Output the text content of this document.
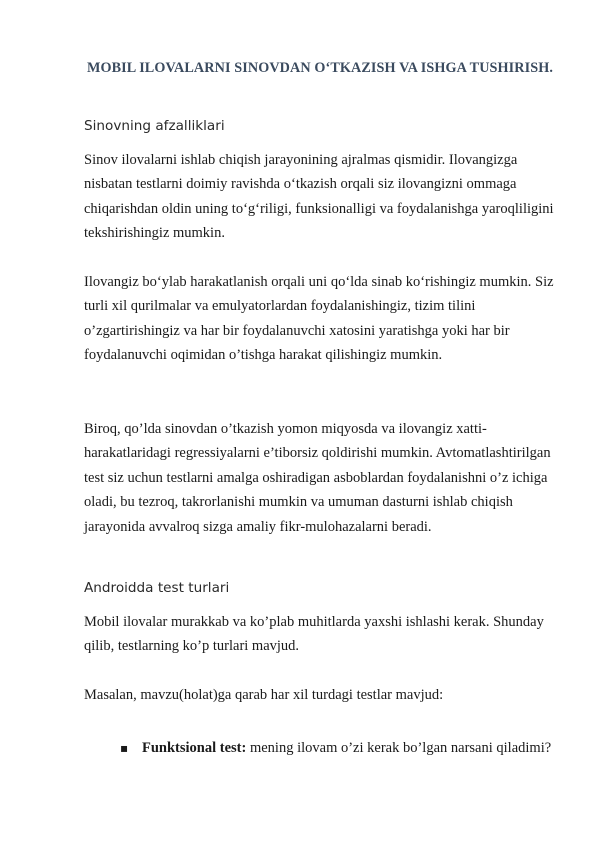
MOBIL ILOVALARNI SINOVDAN O‘TKAZISH VA ISHGA TUSHIRISH.
Sinovning afzalliklari

Sinov ilovalarni ishlab chiqish jarayonining ajralmas qismidir. Ilovangizga nisbatan testlarni doimiy ravishda o‘tkazish orqali siz ilovangizni ommaga chiqarishdan oldin uning to‘g‘riligi, funksionalligi va foydalanishga yaroqliligini tekshirishingiz mumkin.

Ilovangiz bo‘ylab harakatlanish orqali uni qo‘lda sinab ko‘rishingiz mumkin. Siz turli xil qurilmalar va emulyatorlardan foydalanishingiz, tizim tilini o’zgartirishingiz va har bir foydalanuvchi xatosini yaratishga yoki har bir foydalanuvchi oqimidan o’tishga harakat qilishingiz mumkin.

Biroq, qo’lda sinovdan o’tkazish yomon miqyosda va ilovangiz xatti-harakatlaridagi regressiyalarni e’tiborsiz qoldirishi mumkin. Avtomatlashtirilgan test siz uchun testlarni amalga oshiradigan asboblardan foydalanishni o’z ichiga oladi, bu tezroq, takrorlanishi mumkin va umuman dasturni ishlab chiqish jarayonida avvalroq sizga amaliy fikr-mulohazalarni beradi.

Androidda test turlari

Mobil ilovalar murakkab va ko’plab muhitlarda yaxshi ishlashi kerak. Shunday qilib, testlarning ko’p turlari mavjud.

Masalan, mavzu(holat)ga qarab har xil turdagi testlar mavjud:

▪ Funktsional test: mening ilovam o’zi kerak bo’lgan narsani qiladimi?
